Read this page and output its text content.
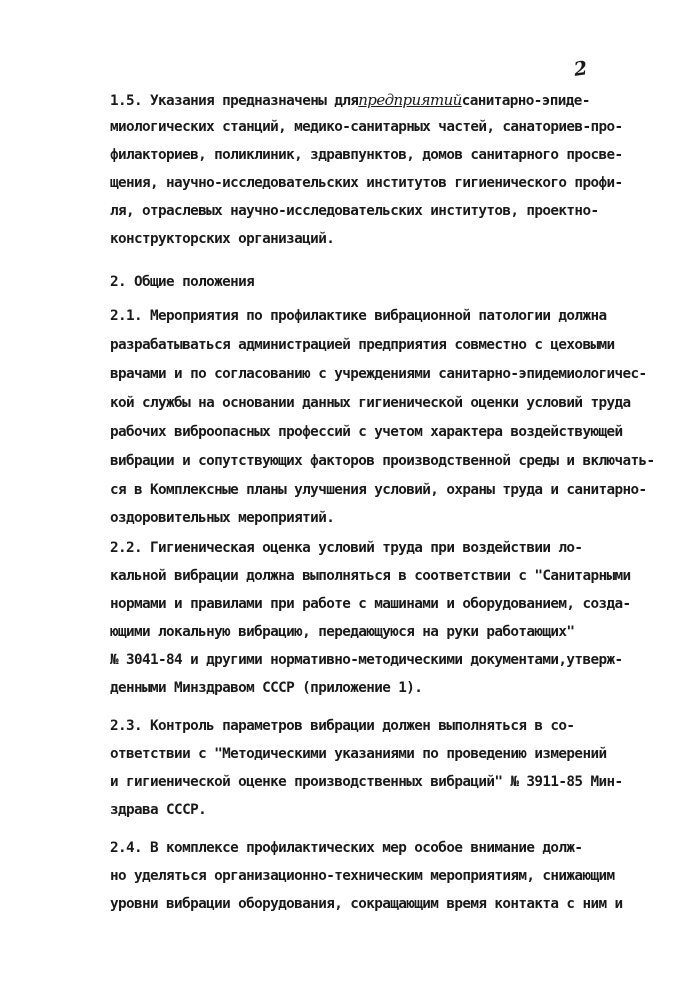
2
1.5. Указания предназначены дляпредприятийсанитарно-эпиде-
миологических станций, медико-санитарных частей, санаториев-про-
филакториев, поликлиник, здравпунктов, домов санитарного просве-
щения, научно-исследовательских институтов гигиенического профи-
ля, отраслевых научно-исследовательских институтов, проектно-
конструкторских организаций.
2. Общие положения
2.1. Мероприятия по профилактике вибрационной патологии должна
разрабатываться администрацией предприятия совместно с цеховыми
врачами и по согласованию с учреждениями санитарно-эпидемиологичес-
кой службы на основании данных гигиенической оценки условий труда
рабочих виброопасных профессий с учетом характера воздействующей
вибрации и сопутствующих факторов производственной среды и включать-
ся в Комплексные планы улучшения условий, охраны труда и санитарно-
оздоровительных мероприятий.
2.2. Гигиеническая оценка условий труда при воздействии ло-
кальной вибрации должна выполняться в соответствии с "Санитарными
нормами и правилами при работе с машинами и оборудованием, созда-
ющими локальную вибрацию, передающуюся на руки работающих"
№ 3041-84 и другими нормативно-методическими документами,утверж-
денными Минздравом СССР (приложение 1).
2.3. Контроль параметров вибрации должен выполняться в со-
ответствии с "Методическими указаниями по проведению измерений
и гигиенической оценке производственных вибраций" № 3911-85 Мин-
здрава СССР.
2.4. В комплексе профилактических мер особое внимание долж-
но уделяться организационно-техническим мероприятиям, снижающим
уровни вибрации оборудования, сокращающим время контакта с ним и
